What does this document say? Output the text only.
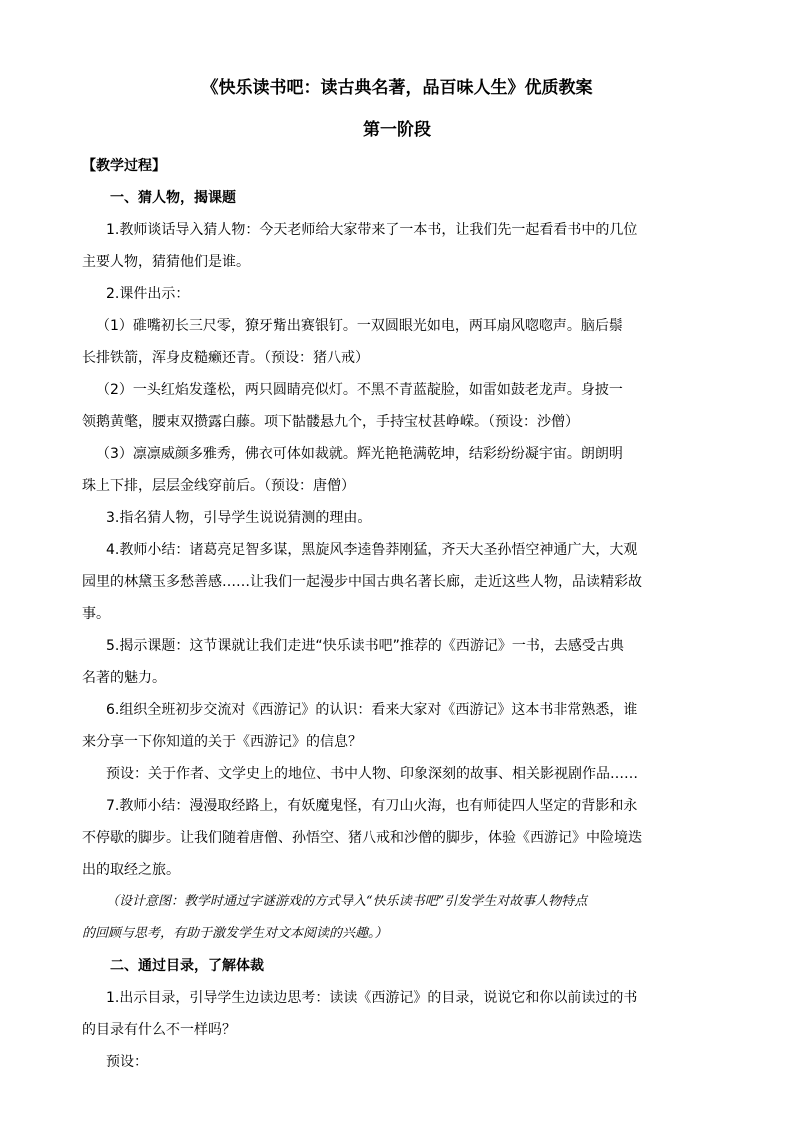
《快乐读书吧：读古典名著，品百味人生》优质教案
第一阶段
【教学过程】
一、猜人物，揭课题
1.教师谈话导入猜人物：今天老师给大家带来了一本书，让我们先一起看看书中的几位
主要人物，猜猜他们是谁。
2.课件出示：
（1）碓嘴初长三尺零，獠牙觜出赛银钉。一双圆眼光如电，两耳扇风唿唿声。脑后鬃
长排铁箭，浑身皮糙癞还青。（预设：猪八戒）
（2）一头红焰发蓬松，两只圆睛亮似灯。不黑不青蓝靛脸，如雷如鼓老龙声。身披一
领鹅黄氅，腰束双攒露白藤。项下骷髅悬九个，手持宝杖甚峥嵘。（预设：沙僧）
（3）凛凛威颜多雅秀，佛衣可体如裁就。辉光艳艳满乾坤，结彩纷纷凝宇宙。朗朗明
珠上下排，层层金线穿前后。（预设：唐僧）
3.指名猜人物，引导学生说说猜测的理由。
4.教师小结：诸葛亮足智多谋，黑旋风李逵鲁莽刚猛，齐天大圣孙悟空神通广大，大观
园里的林黛玉多愁善感……让我们一起漫步中国古典名著长廊，走近这些人物，品读精彩故
事。
5.揭示课题：这节课就让我们走进“快乐读书吧”推荐的《西游记》一书，去感受古典
名著的魅力。
6.组织全班初步交流对《西游记》的认识：看来大家对《西游记》这本书非常熟悉，谁
来分享一下你知道的关于《西游记》的信息？
预设：关于作者、文学史上的地位、书中人物、印象深刻的故事、相关影视剧作品……
7.教师小结：漫漫取经路上，有妖魔鬼怪，有刀山火海，也有师徒四人坚定的背影和永
不停歇的脚步。让我们随着唐僧、孙悟空、猪八戒和沙僧的脚步，体验《西游记》中险境迭
出的取经之旅。
（设计意图：教学时通过字谜游戏的方式导入“快乐读书吧”引发学生对故事人物特点
的回顾与思考，有助于激发学生对文本阅读的兴趣。）
二、通过目录，了解体裁
1.出示目录，引导学生边读边思考：读读《西游记》的目录，说说它和你以前读过的书
的目录有什么不一样吗？
预设：
